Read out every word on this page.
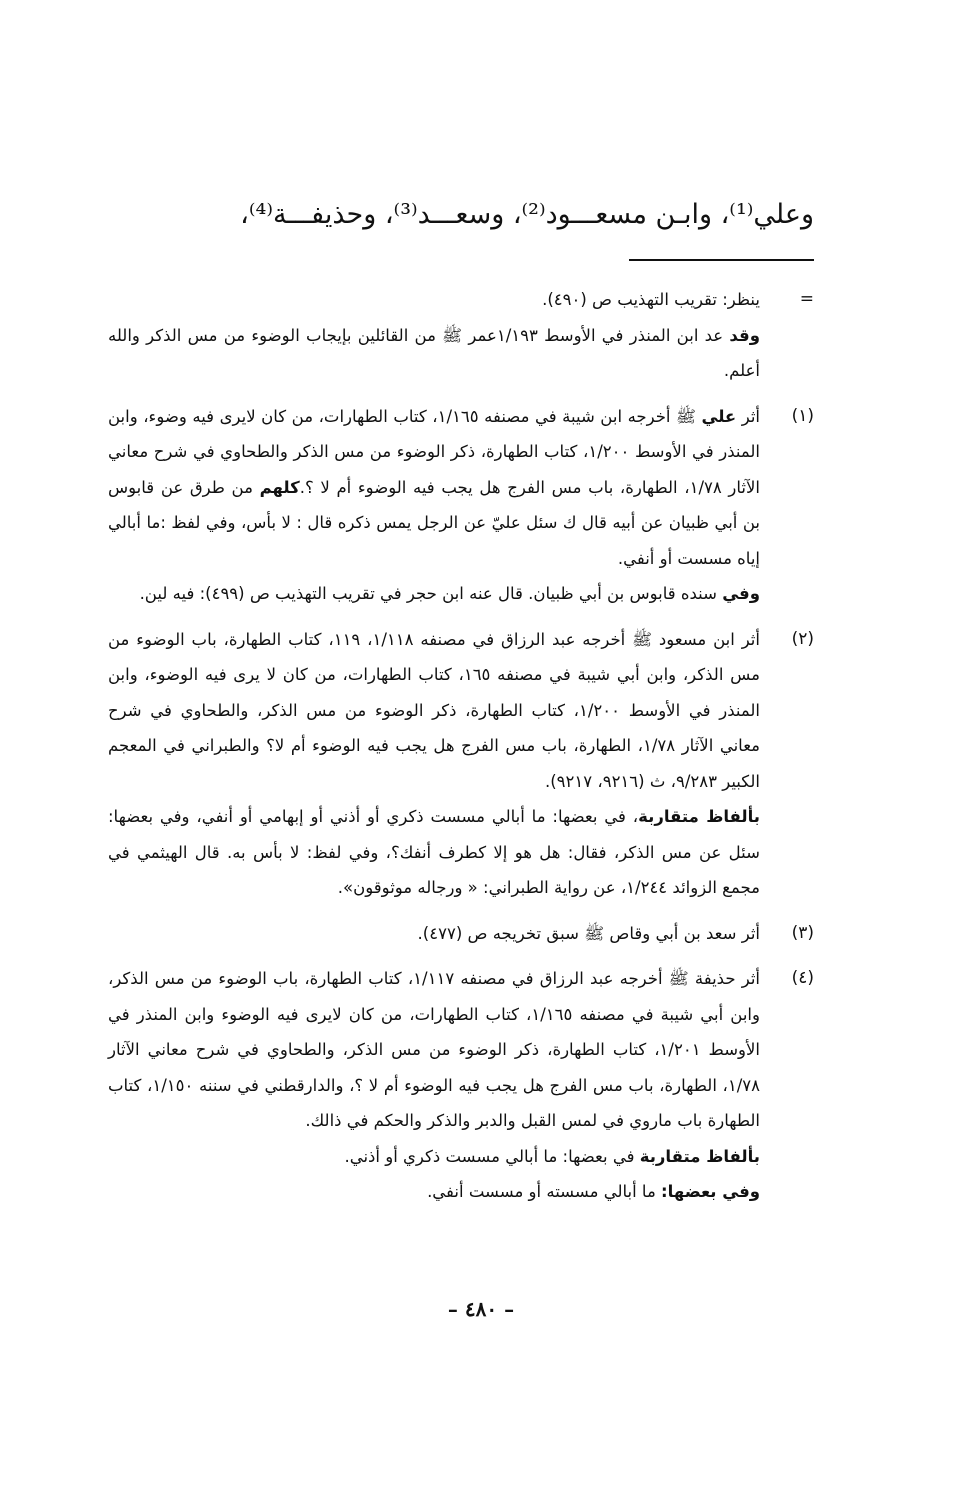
وعلي⁽¹⁾، وابـن مسعـــود⁽²⁾، وسعـــد⁽³⁾، وحذيفـــة⁽⁴⁾،
=

ينظر: تقريب التهذيب ص (٤٩٠).

وقد عد ابن المنذر في الأوسط ١/١٩٣عمر ﷺ من القائلين بإيجاب الوضوء من مس الذكر والله أعلم.

(١)

أثر علي ﷺ أخرجه ابن شيبة في مصنفه ١/١٦٥، كتاب الطهارات، من كان لايرى فيه وضوء، وابن المنذر في الأوسط ١/٢٠٠، كتاب الطهارة، ذكر الوضوء من مس الذكر والطحاوي في شرح معاني الآثار ١/٧٨، الطهارة، باب مس الفرج هل يجب فيه الوضوء أم لا ؟.كلهم من طرق عن قابوس بن أبي ظبيان عن أبيه قال ك سئل عليّ عن الرجل يمس ذكره قال : لا بأس، وفي لفظ :ما أبالي إياه مسست أو أنفي.

وفي سنده قابوس بن أبي ظبيان. قال عنه ابن حجر في تقريب التهذيب ص (٤٩٩): فيه لين.

(٢)

أثر ابن مسعود ﷺ أخرجه عبد الرزاق في مصنفه ١/١١٨، ١١٩، كتاب الطهارة، باب الوضوء من مس الذكر، وابن أبي شيبة في مصنفه ١٦٥، كتاب الطهارات، من كان لا يرى فيه الوضوء، وابن المنذر في الأوسط ١/٢٠٠، كتاب الطهارة، ذكر الوضوء من مس الذكر، والطحاوي في شرح معاني الآثار ١/٧٨، الطهارة، باب مس الفرج هل يجب فيه الوضوء أم لا؟ والطبراني في المعجم الكبير ٩/٢٨٣، ث (٩٢١٦، ٩٢١٧).

بألفاظ متقاربة، في بعضها: ما أبالي مسست ذكري أو أذني أو إبهامي أو أنفي، وفي بعضها: سئل عن مس الذكر، فقال: هل هو إلا كطرف أنفك؟، وفي لفظ: لا بأس به. قال الهيثمي في مجمع الزوائد ١/٢٤٤، عن رواية الطبراني: « ورجاله موثوقون».

(٣)

أثر سعد بن أبي وقاص ﷺ سبق تخريجه ص (٤٧٧).

(٤)

أثر حذيفة ﷺ أخرجه عبد الرزاق في مصنفه ١/١١٧، كتاب الطهارة، باب الوضوء من مس الذكر، وابن أبي شيبة في مصنفه ١/١٦٥، كتاب الطهارات، من كان لايرى فيه الوضوء وابن المنذر في الأوسط ١/٢٠١، كتاب الطهارة، ذكر الوضوء من مس الذكر، والطحاوي في شرح معاني الآثار ١/٧٨، الطهارة، باب مس الفرج هل يجب فيه الوضوء أم لا ؟، والدارقطني في سننه ١/١٥٠، كتاب الطهارة باب ماروي في لمس القبل والدبر والذكر والحكم في ذالك.

بألفاظ متقاربة في بعضها: ما أبالي مسست ذكري أو أذني.

وفي بعضها: ما أبالي مسسته أو مسست أنفي.

– ٤٨٠ –
